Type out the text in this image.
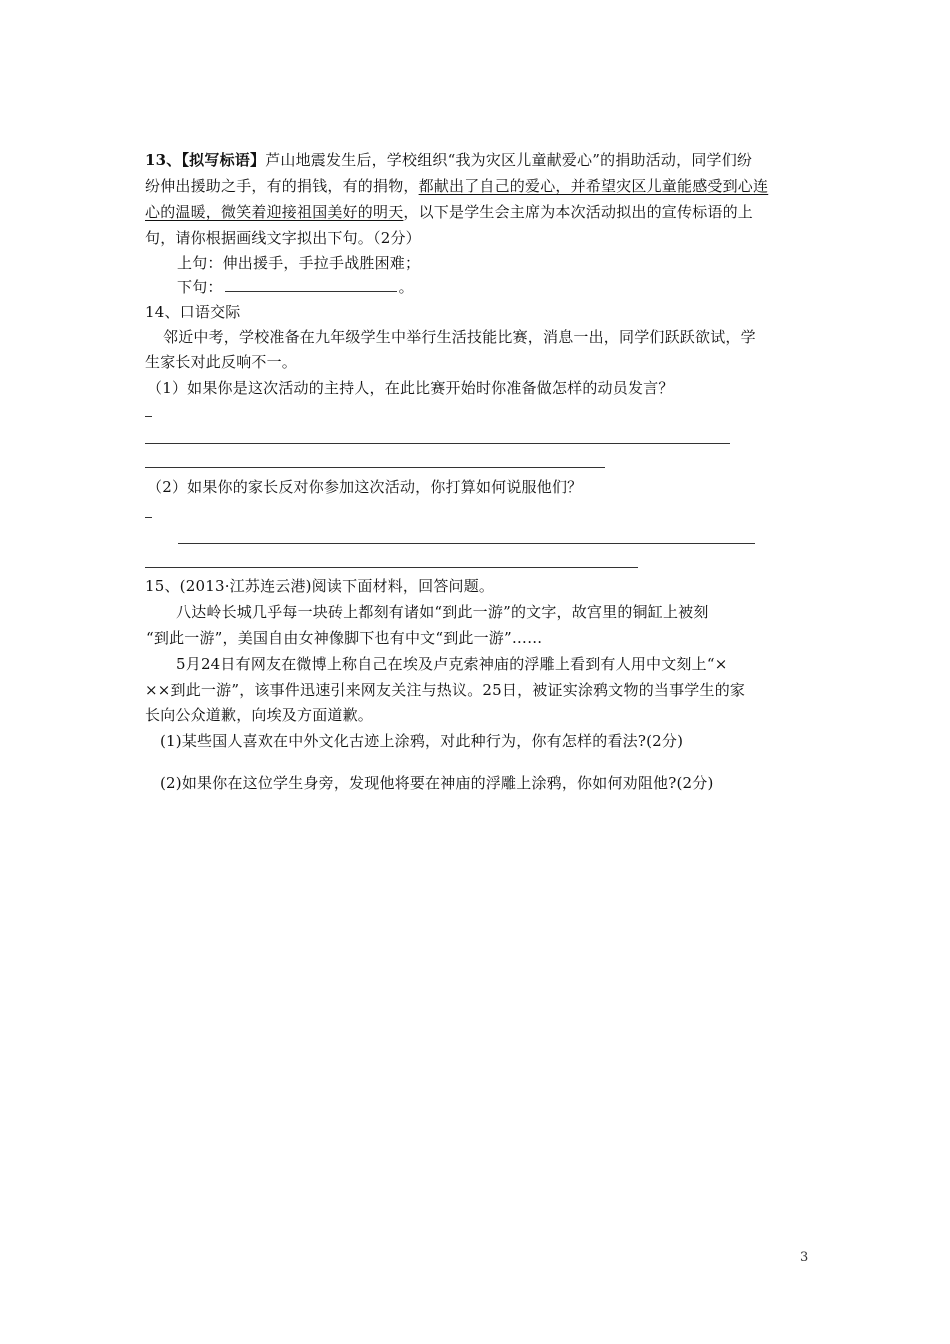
13、【拟写标语】芦山地震发生后，学校组织“我为灾区儿童献爱心”的捐助活动，同学们纷
纷伸出援助之手，有的捐钱，有的捐物，都献出了自己的爱心，并希望灾区儿童能感受到心连
心的温暖，微笑着迎接祖国美好的明天，以下是学生会主席为本次活动拟出的宣传标语的上
句，请你根据画线文字拟出下句。（2分）
上句：伸出援手，手拉手战胜困难；
下句：	。
14、口语交际
邻近中考，学校准备在九年级学生中举行生活技能比赛，消息一出，同学们跃跃欲试，学
生家长对此反响不一。
（1）如果你是这次活动的主持人，在此比赛开始时你准备做怎样的动员发言？
（2）如果你的家长反对你参加这次活动，你打算如何说服他们？
15、(2013·江苏连云港)阅读下面材料，回答问题。
八达岭长城几乎每一块砖上都刻有诸如“到此一游”的文字，故宫里的铜缸上被刻
“到此一游”，美国自由女神像脚下也有中文“到此一游”……
5月24日有网友在微博上称自己在埃及卢克索神庙的浮雕上看到有人用中文刻上“×
××到此一游”，该事件迅速引来网友关注与热议。25日，被证实涂鸦文物的当事学生的家
长向公众道歉，向埃及方面道歉。
(1)某些国人喜欢在中外文化古迹上涂鸦，对此种行为，你有怎样的看法?(2分)
(2)如果你在这位学生身旁，发现他将要在神庙的浮雕上涂鸦，你如何劝阻他?(2分)
3
